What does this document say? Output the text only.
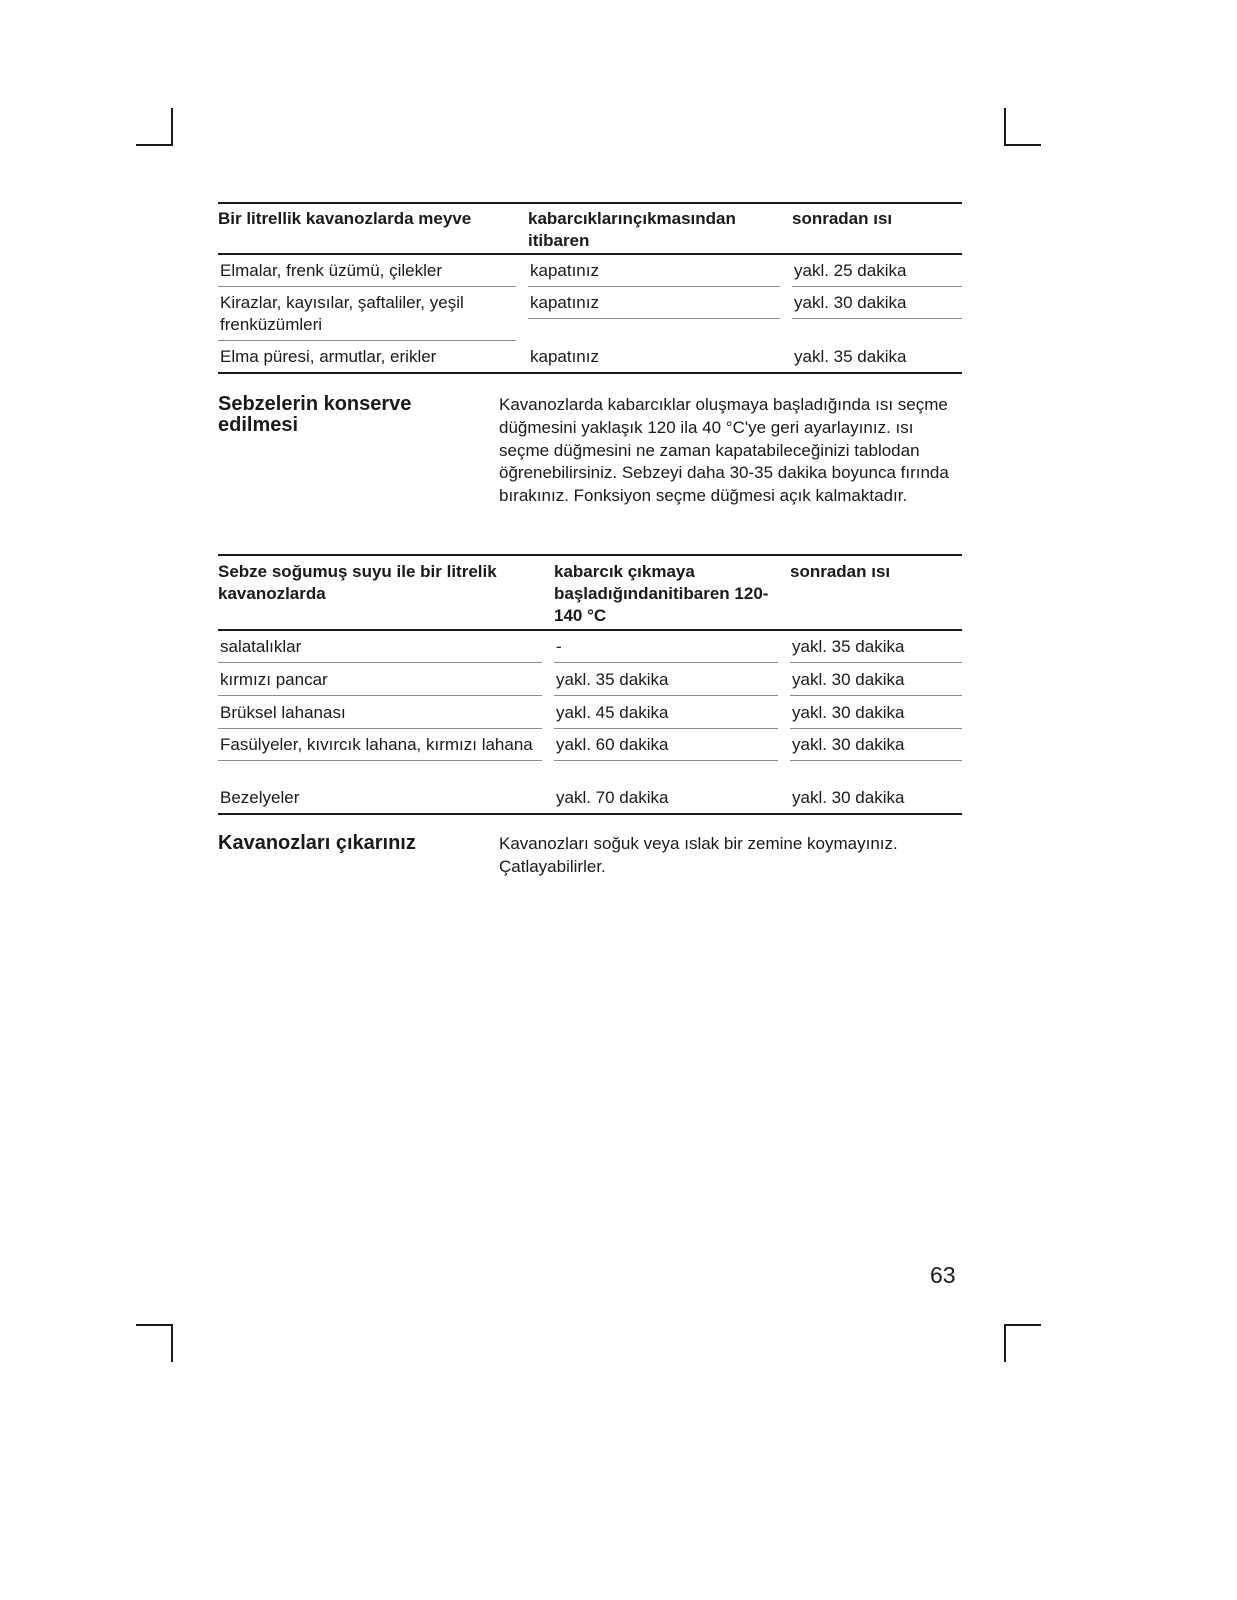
Bir litrellik kavanozlarda meyve		kabarcıklarınçıkmasından itibaren		sonradan ısı

Elmalar, frenk üzümü, çilekler		kapatınız		yakl. 25 dakika

Kirazlar, kayısılar, şaftaliler, yeşil frenküzümleri		kapatınız		yakl. 30 dakika

Elma püresi, armutlar, erikler		kapatınız		yakl. 35 dakika
Sebzelerin konserve edilmesi
Kavanozlarda kabarcıklar oluşmaya başladığında ısı seçme düğmesini yaklaşık 120 ila 40 °C'ye geri ayarlayınız. ısı seçme düğmesini ne zaman kapatabileceğinizi tablodan öğrenebilirsiniz. Sebzeyi daha 30-35 dakika boyunca fırında bırakınız. Fonksiyon seçme düğmesi açık kalmaktadır.
Sebze soğumuş suyu ile bir litrelik kavanozlarda		kabarcık çıkmaya başladığındanitibaren 120-140 °C		sonradan ısı

salatalıklar		-		yakl. 35 dakika

kırmızı pancar		yakl. 35 dakika		yakl. 30 dakika

Brüksel lahanası		yakl. 45 dakika		yakl. 30 dakika

Fasülyeler, kıvırcık lahana, kırmızı lahana		yakl. 60 dakika		yakl. 30 dakika

Bezelyeler		yakl. 70 dakika		yakl. 30 dakika
Kavanozları çıkarınız	Kavanozları soğuk veya ıslak bir zemine koymayınız. Çatlayabilirler.
63
